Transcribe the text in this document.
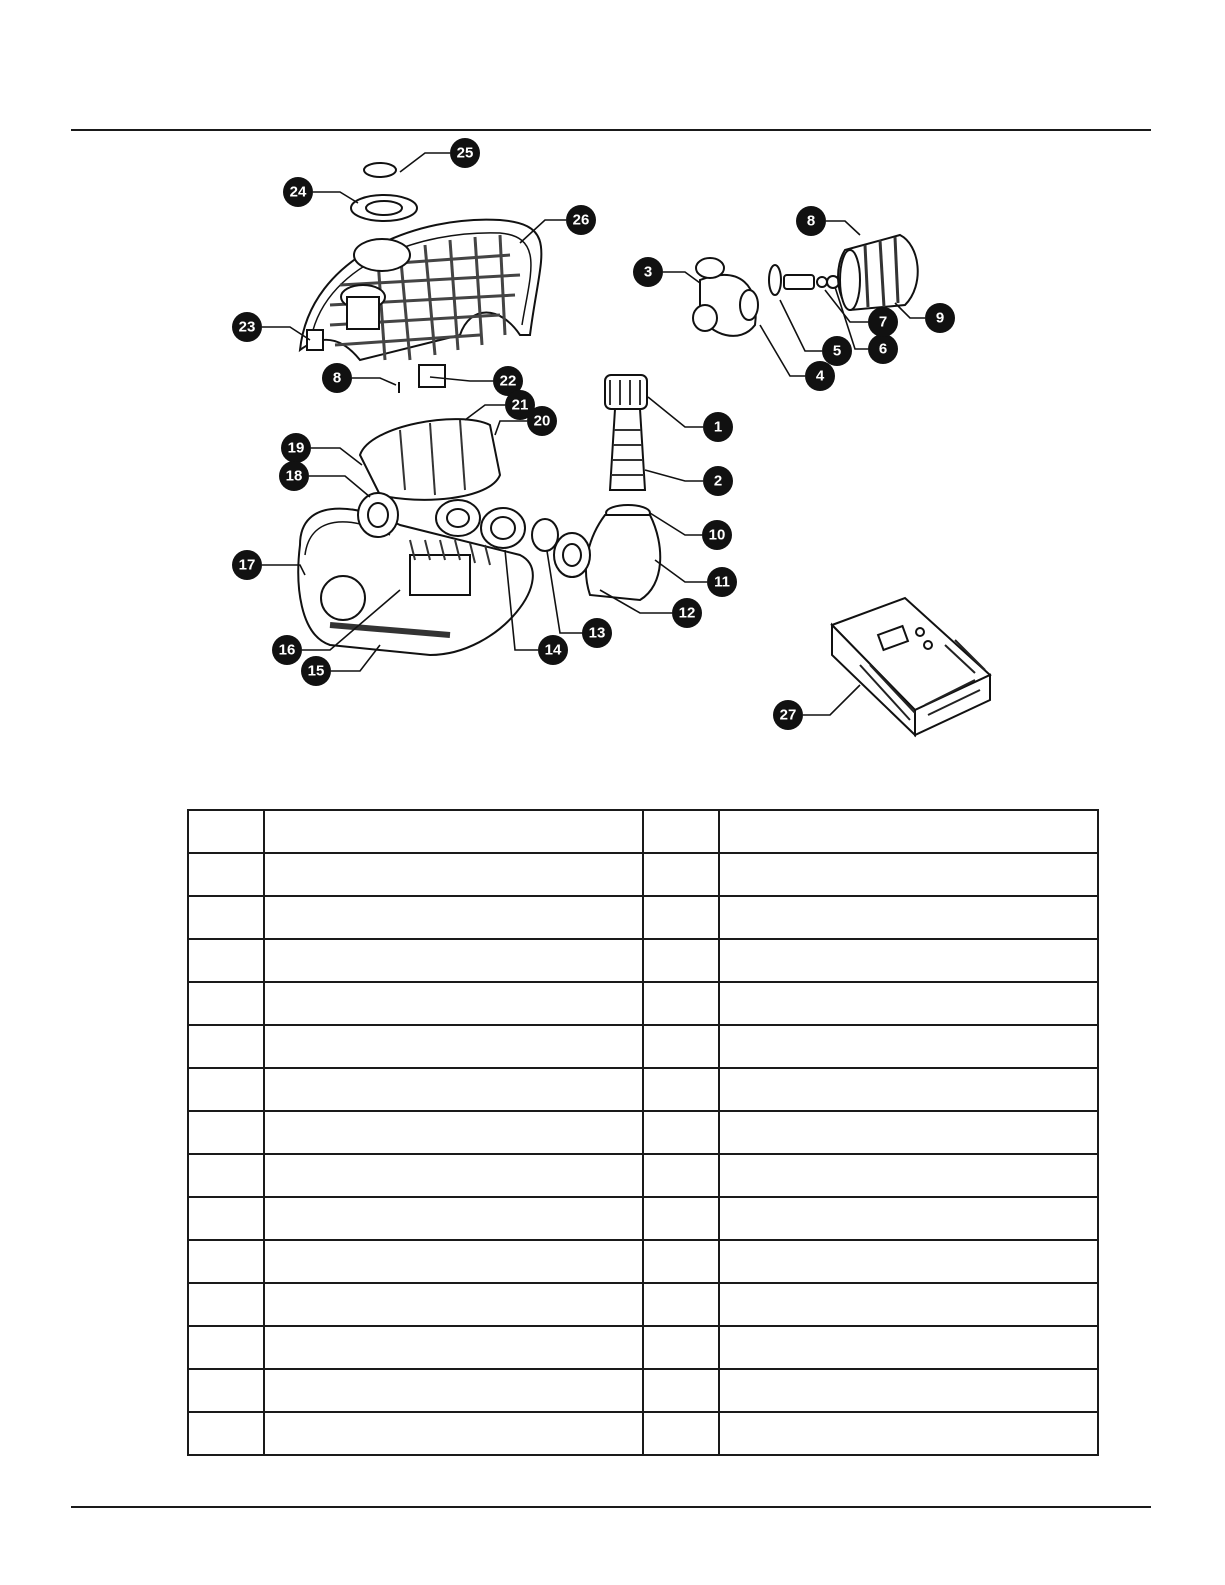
25
24
26
23
8	22
21
20
19
18
17
16
15
14
13
12
11
10
2
1
3
4
5	6
7	9
8
27
